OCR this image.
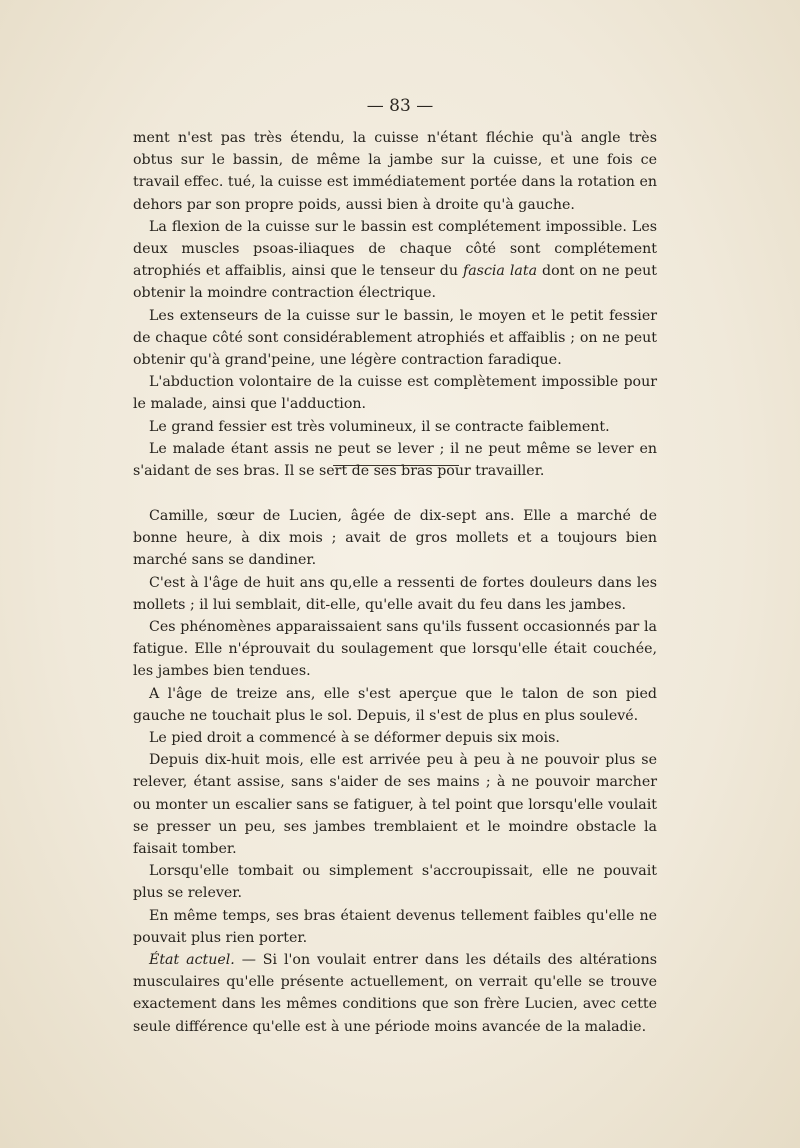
— 83 —

ment n'est pas très étendu, la cuisse n'étant fléchie qu'à angle très obtus sur le bassin, de même la jambe sur la cuisse, et une fois ce travail effec. tué, la cuisse est immédiatement portée dans la rotation en dehors par son propre poids, aussi bien à droite qu'à gauche.

La flexion de la cuisse sur le bassin est complétement impossible. Les deux muscles psoas-iliaques de chaque côté sont complétement atrophiés et affaiblis, ainsi que le tenseur du fascia lata dont on ne peut obtenir la moindre contraction électrique.

Les extenseurs de la cuisse sur le bassin, le moyen et le petit fessier de chaque côté sont considérablement atrophiés et affaiblis ; on ne peut obtenir qu'à grand'peine, une légère contraction faradique.

L'abduction volontaire de la cuisse est complètement impossible pour le malade, ainsi que l'adduction.

Le grand fessier est très volumineux, il se contracte faiblement.

Le malade étant assis ne peut se lever ; il ne peut même se lever en s'aidant de ses bras. Il se sert de ses bras pour travailler.

Camille, sœur de Lucien, âgée de dix-sept ans. Elle a marché de bonne heure, à dix mois ; avait de gros mollets et a toujours bien marché sans se dandiner.

C'est à l'âge de huit ans qu,elle a ressenti de fortes douleurs dans les mollets ; il lui semblait, dit-elle, qu'elle avait du feu dans les jambes.

Ces phénomènes apparaissaient sans qu'ils fussent occasionnés par la fatigue. Elle n'éprouvait du soulagement que lorsqu'elle était couchée, les jambes bien tendues.

A l'âge de treize ans, elle s'est aperçue que le talon de son pied gauche ne touchait plus le sol. Depuis, il s'est de plus en plus soulevé.

Le pied droit a commencé à se déformer depuis six mois.

Depuis dix-huit mois, elle est arrivée peu à peu à ne pouvoir plus se relever, étant assise, sans s'aider de ses mains ; à ne pouvoir marcher ou monter un escalier sans se fatiguer, à tel point que lorsqu'elle voulait se presser un peu, ses jambes tremblaient et le moindre obstacle la faisait tomber.

Lorsqu'elle tombait ou simplement s'accroupissait, elle ne pouvait plus se relever.

En même temps, ses bras étaient devenus tellement faibles qu'elle ne pouvait plus rien porter.

État actuel. — Si l'on voulait entrer dans les détails des altérations musculaires qu'elle présente actuellement, on verrait qu'elle se trouve exactement dans les mêmes conditions que son frère Lucien, avec cette seule différence qu'elle est à une période moins avancée de la maladie.
